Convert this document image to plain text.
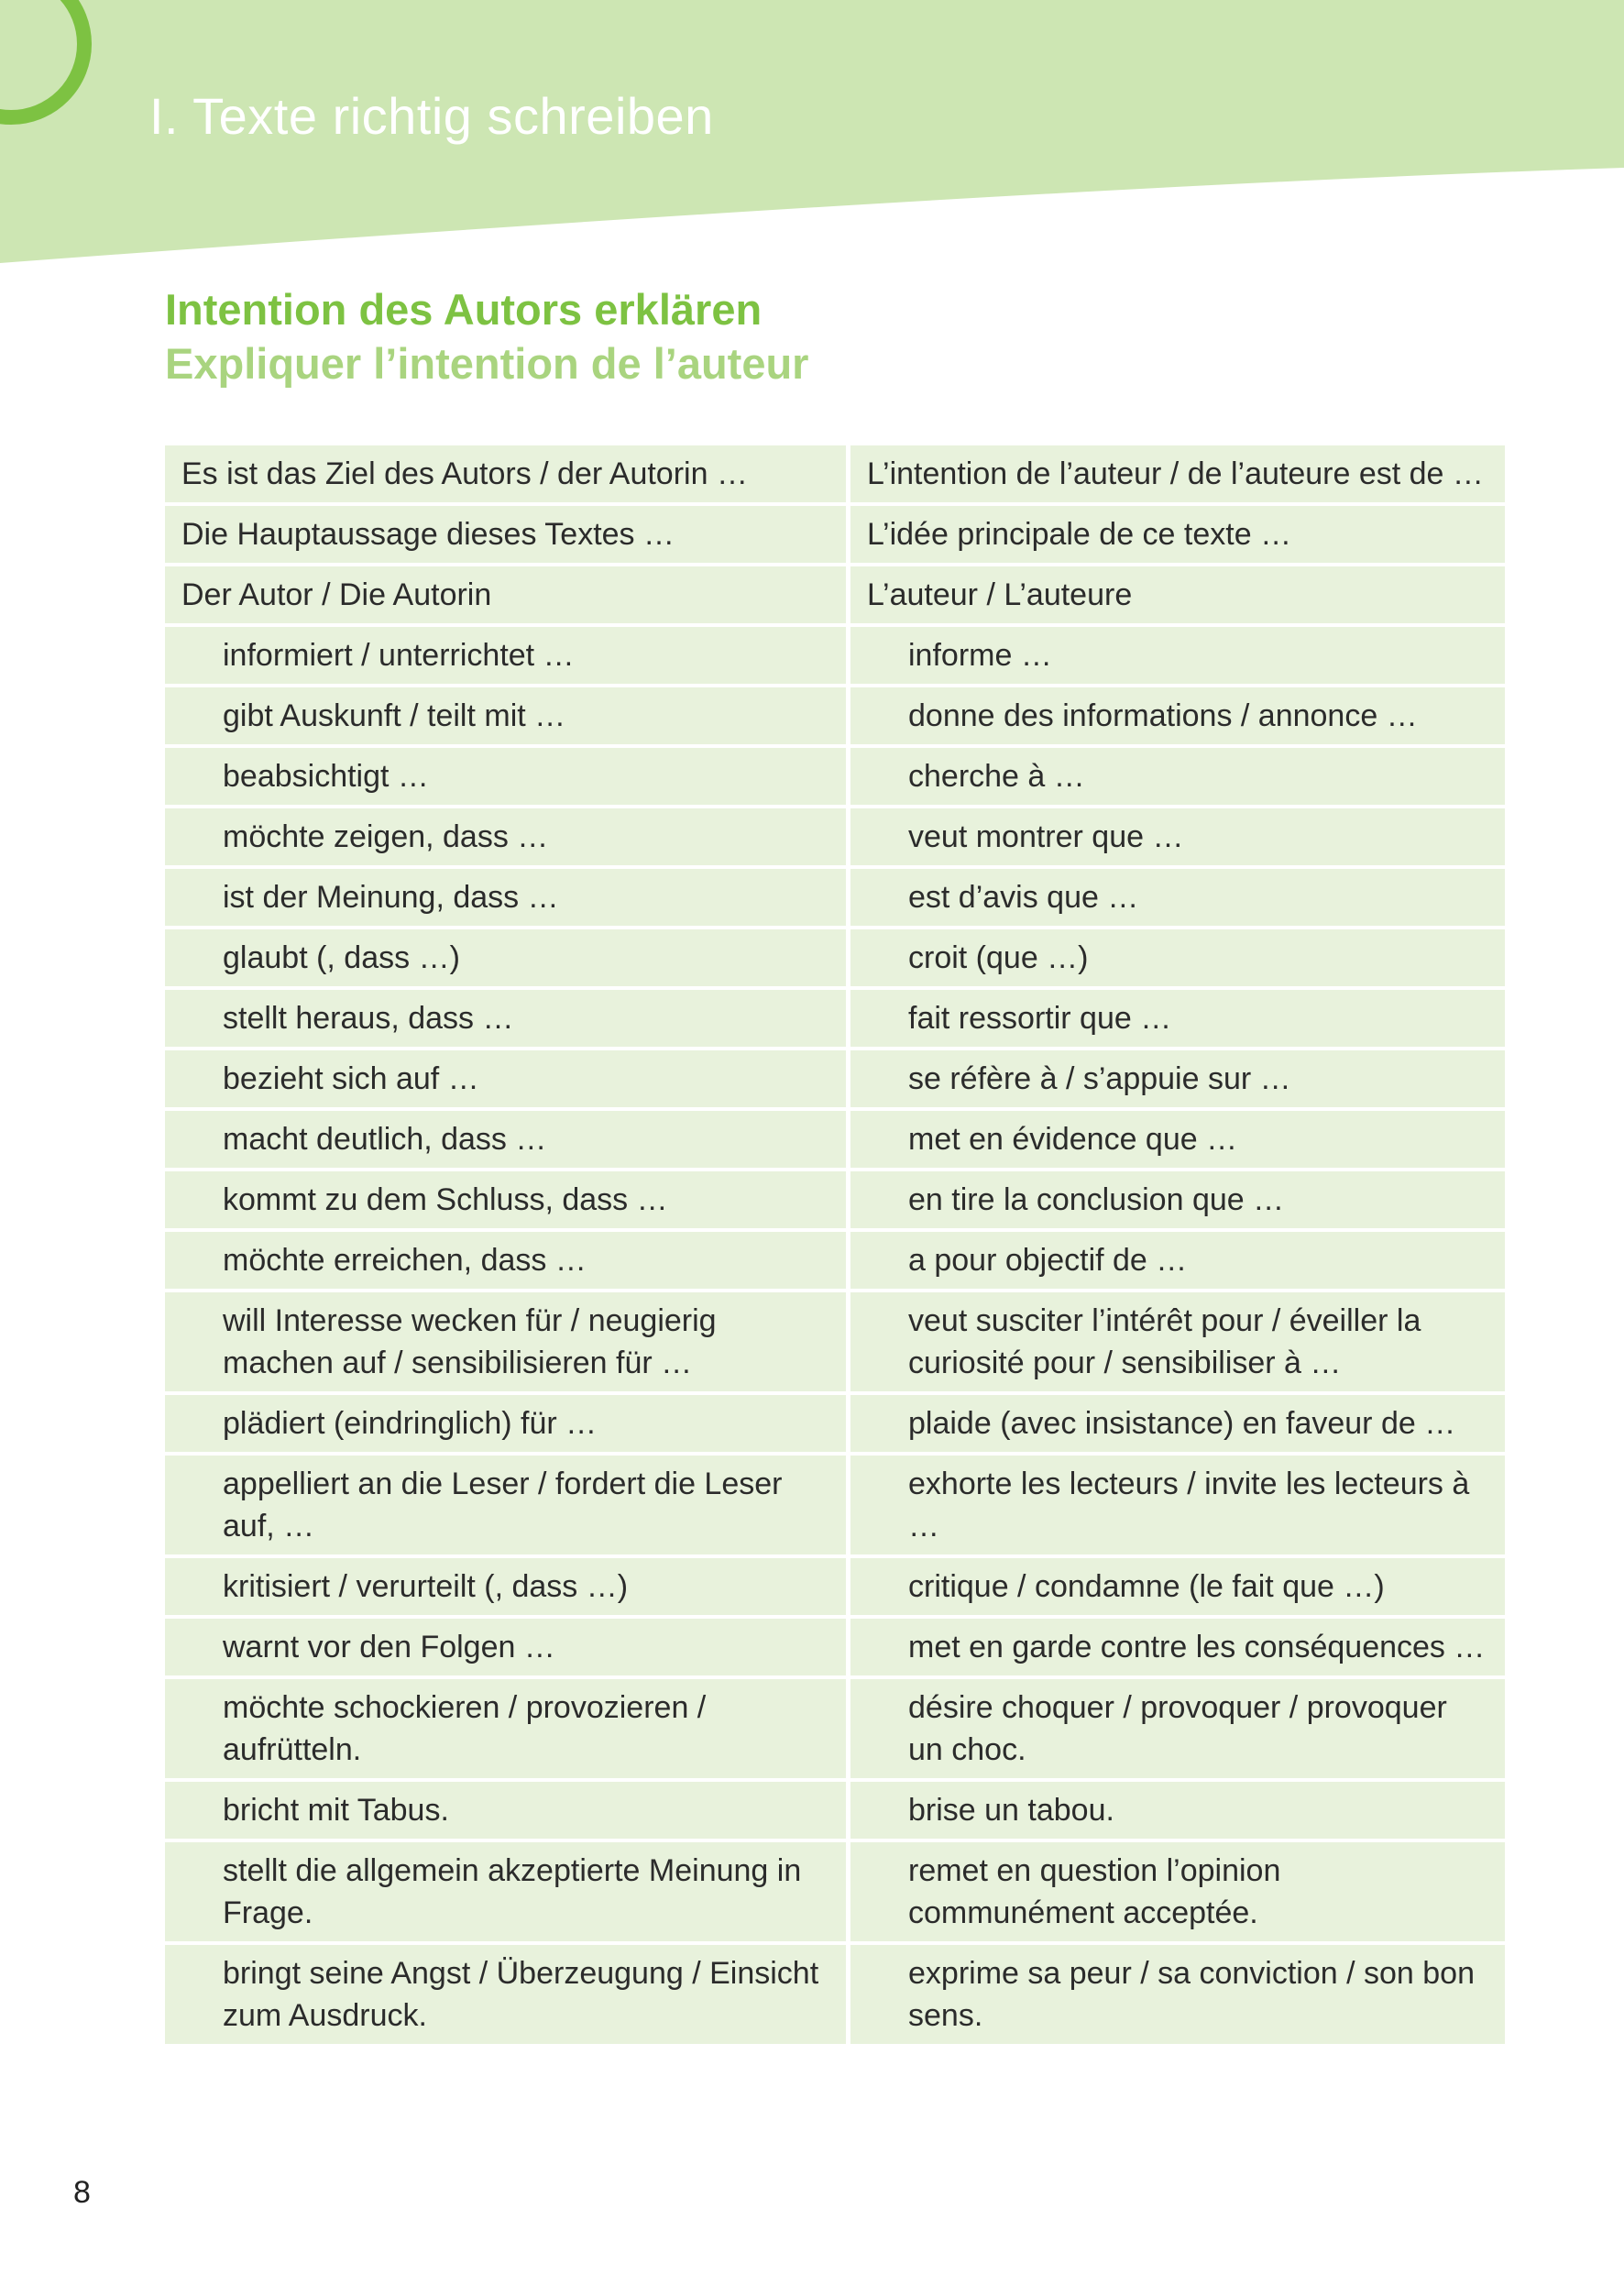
I. Texte richtig schreiben
Intention des Autors erklären
Expliquer l’intention de l’auteur
Es ist das Ziel des Autors / der Autorin …	L’intention de l’auteur / de l’auteure est de …
Die Hauptaussage dieses Textes …	L’idée principale de ce texte …
Der Autor / Die Autorin	L’auteur / L’auteure
informiert / unterrichtet …	informe …
gibt Auskunft / teilt mit …	donne des informations / annonce …
beabsichtigt …	cherche à …
möchte zeigen, dass …	veut montrer que …
ist der Meinung, dass …	est d’avis que …
glaubt (, dass …)	croit (que …)
stellt heraus, dass …	fait ressortir que …
bezieht sich auf …	se réfère à / s’appuie sur …
macht deutlich, dass …	met en évidence que …
kommt zu dem Schluss, dass …	en tire la conclusion que …
möchte erreichen, dass …	a pour objectif de …
will Interesse wecken für / neugierig machen auf / sensibilisieren für …	veut susciter l’intérêt pour / éveiller la curiosité pour / sensibiliser à …
plädiert (eindringlich) für …	plaide (avec insistance) en faveur de …
appelliert an die Leser / fordert die Leser auf, …	exhorte les lecteurs / invite les lecteurs à …
kritisiert / verurteilt (, dass …)	critique / condamne (le fait que …)
warnt vor den Folgen …	met en garde contre les conséquences …
möchte schockieren / provozieren / aufrütteln.	désire choquer / provoquer / provoquer un choc.
bricht mit Tabus.	brise un tabou.
stellt die allgemein akzeptierte Meinung in Frage.	remet en question l’opinion communément acceptée.
bringt seine Angst / Überzeugung / Einsicht zum Ausdruck.	exprime sa peur / sa conviction / son bon sens.
8
